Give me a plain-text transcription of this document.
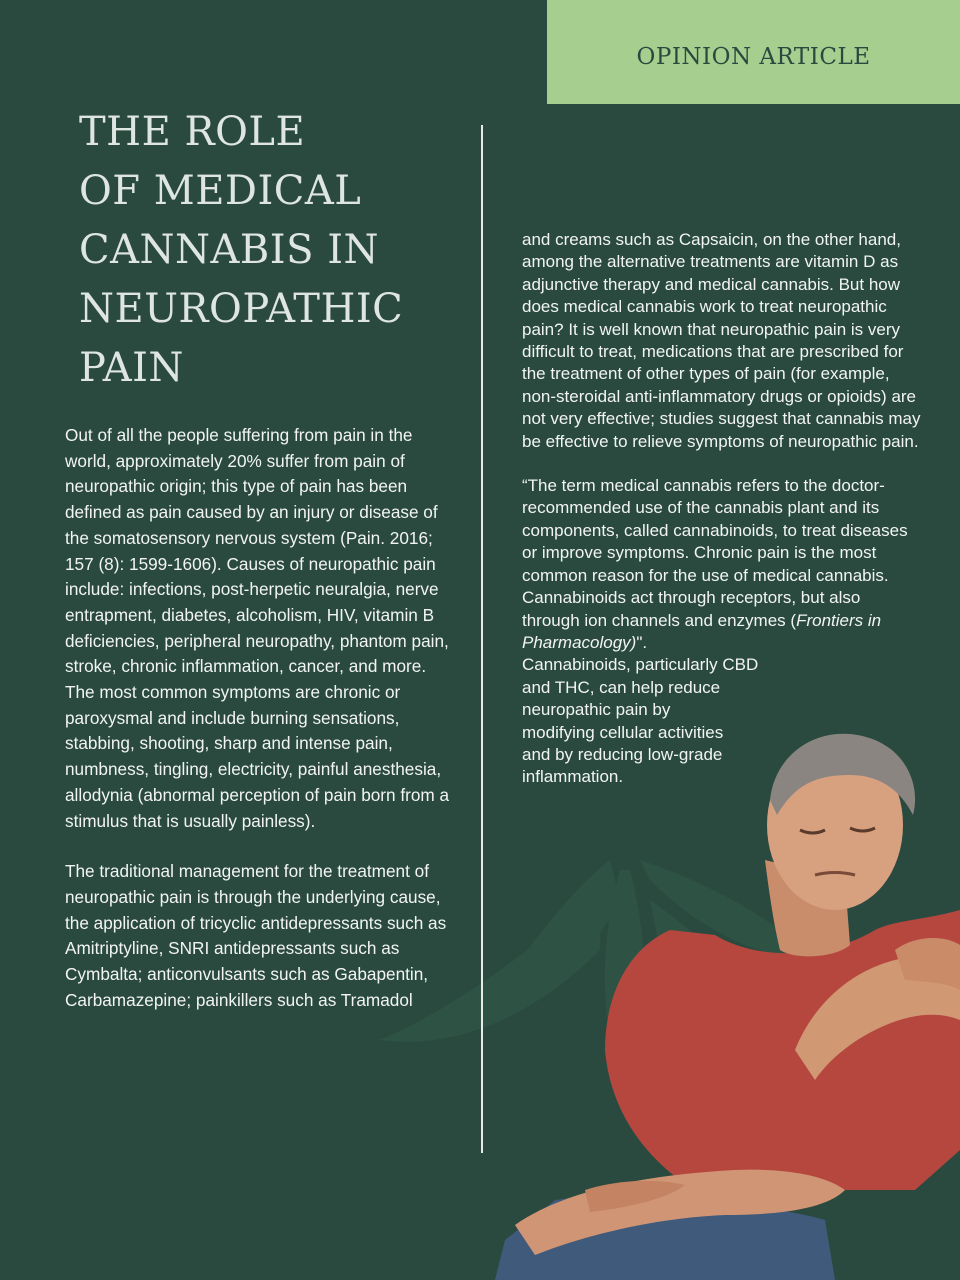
OPINION ARTICLE
THE ROLE
OF MEDICAL
CANNABIS IN
NEUROPATHIC
PAIN

Out of all the people suffering from pain in the world, approximately 20% suffer from pain of neuropathic origin; this type of pain has been defined as pain caused by an injury or disease of the somatosensory nervous system (Pain. 2016; 157 (8): 1599-1606). Causes of neuropathic pain include: infections, post-herpetic neuralgia, nerve entrapment, diabetes, alcoholism, HIV, vitamin B deficiencies, peripheral neuropathy, phantom pain, stroke, chronic inflammation, cancer, and more. The most common symptoms are chronic or paroxysmal and include burning sensations, stabbing, shooting, sharp and intense pain, numbness, tingling, electricity, painful anesthesia, allodynia (abnormal perception of pain born from a stimulus that is usually painless).

The traditional management for the treatment of neuropathic pain is through the underlying cause, the application of tricyclic antidepressants such as Amitriptyline, SNRI antidepressants such as Cymbalta; anticonvulsants such as Gabapentin, Carbamazepine; painkillers such as Tramadol

and creams such as Capsaicin, on the other hand, among the alternative treatments are vitamin D as adjunctive therapy and medical cannabis. But how does medical cannabis work to treat neuropathic pain? It is well known that neuropathic pain is very difficult to treat, medications that are prescribed for the treatment of other types of pain (for example, non-steroidal anti-inflammatory drugs or opioids) are not very effective; studies suggest that cannabis may be effective to relieve symptoms of neuropathic pain.

“The term medical cannabis refers to the doctor-recommended use of the cannabis plant and its components, called cannabinoids, to treat diseases or improve symptoms. Chronic pain is the most common reason for the use of medical cannabis. Cannabinoids act through receptors, but also through ion channels and enzymes (Frontiers in Pharmacology)".

Cannabinoids, particularly CBD
and THC, can help reduce
neuropathic pain by
modifying cellular activities
and by reducing low-grade
inflammation.
